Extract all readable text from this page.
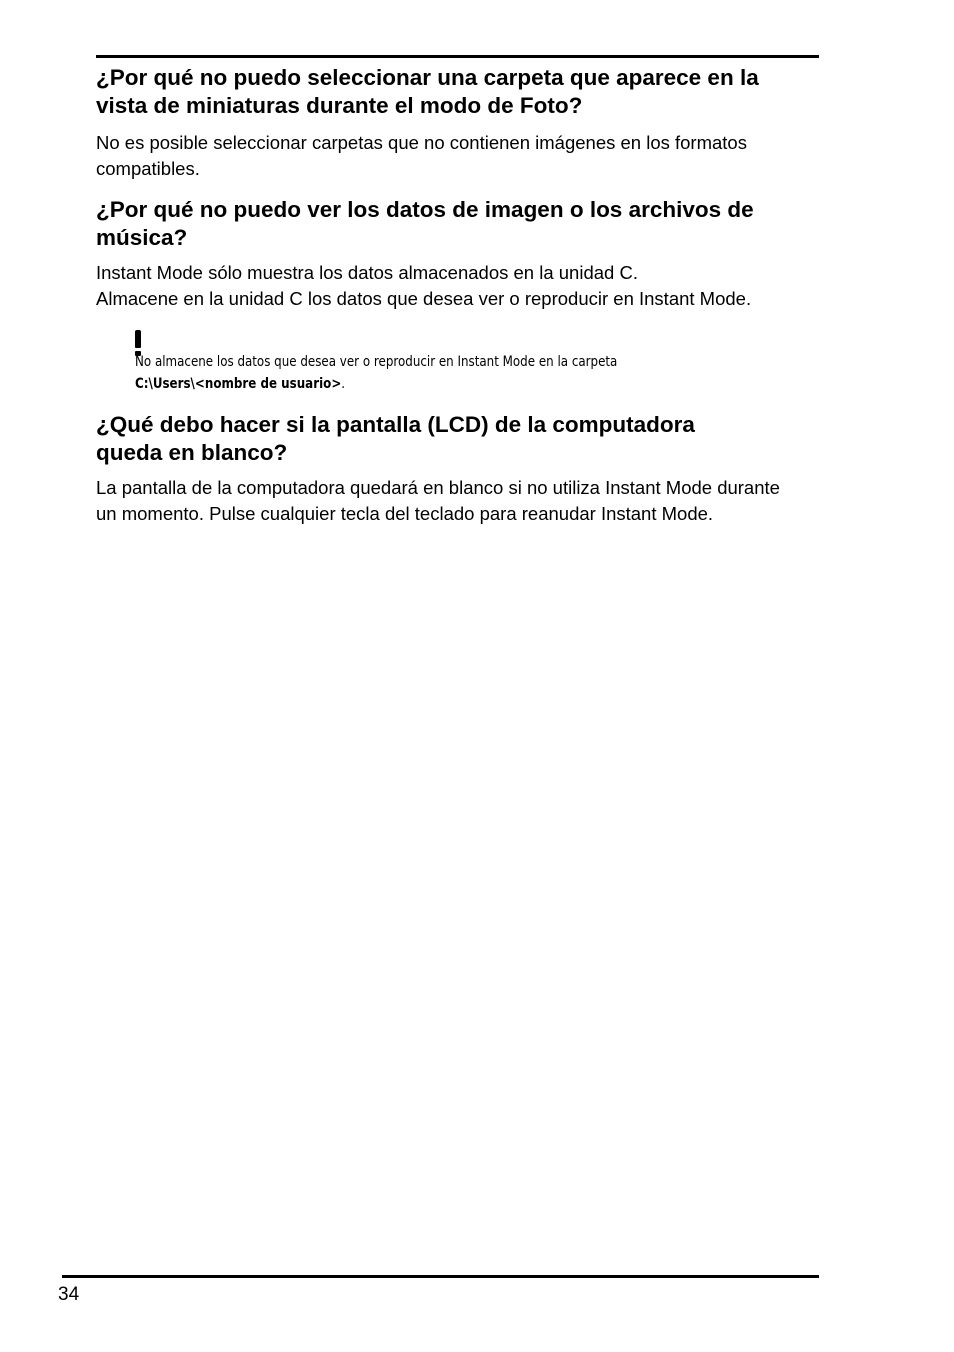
¿Por qué no puedo seleccionar una carpeta que aparece en la
vista de miniaturas durante el modo de Foto?

No es posible seleccionar carpetas que no contienen imágenes en los formatos
compatibles.

¿Por qué no puedo ver los datos de imagen o los archivos de
música?

Instant Mode sólo muestra los datos almacenados en la unidad C.
Almacene en la unidad C los datos que desea ver o reproducir en Instant Mode.

No almacene los datos que desea ver o reproducir en Instant Mode en la carpeta
C:\Users\<nombre de usuario>.
¿Qué debo hacer si la pantalla (LCD) de la computadora
queda en blanco?

La pantalla de la computadora quedará en blanco si no utiliza Instant Mode durante
un momento. Pulse cualquier tecla del teclado para reanudar Instant Mode.

34
